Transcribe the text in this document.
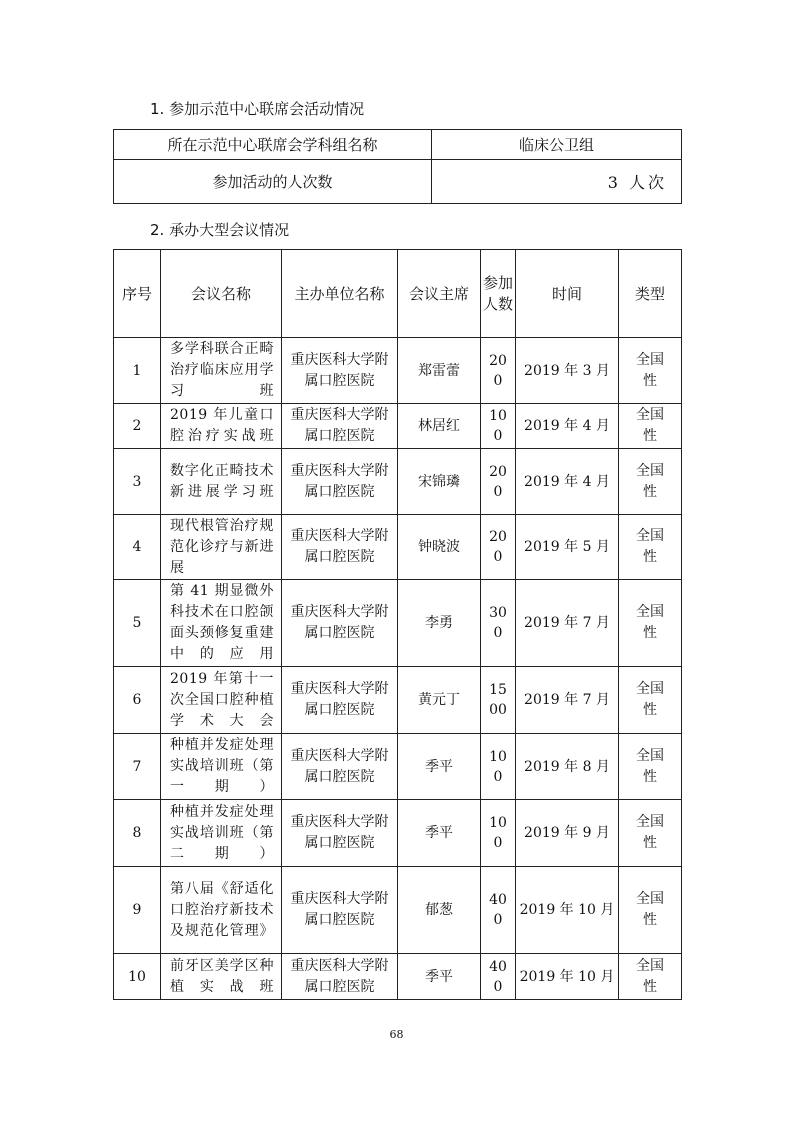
1. 参加示范中心联席会活动情况
所在示范中心联席会学科组名称	临床公卫组
参加活动的人次数	3 人次
2. 承办大型会议情况
序号	会议名称	主办单位名称	会议主席	参加人数	时间	类型
1	多学科联合正畸治疗临床应用学习班	重庆医科大学附属口腔医院	郑雷蕾	200	2019 年 3 月	全国性
2	2019 年儿童口腔治疗实战班	重庆医科大学附属口腔医院	林居红	100	2019 年 4 月	全国性
3	数字化正畸技术新进展学习班	重庆医科大学附属口腔医院	宋锦璘	200	2019 年 4 月	全国性
4	现代根管治疗规范化诊疗与新进展	重庆医科大学附属口腔医院	钟晓波	200	2019 年 5 月	全国性
5	第 41 期显微外科技术在口腔颌面头颈修复重建中的应用	重庆医科大学附属口腔医院	李勇	300	2019 年 7 月	全国性
6	2019 年第十一次全国口腔种植学术大会	重庆医科大学附属口腔医院	黄元丁	1500	2019 年 7 月	全国性
7	种植并发症处理实战培训班（第一期）	重庆医科大学附属口腔医院	季平	100	2019 年 8 月	全国性
8	种植并发症处理实战培训班（第二期）	重庆医科大学附属口腔医院	季平	100	2019 年 9 月	全国性
9	第八届《舒适化口腔治疗新技术及规范化管理》	重庆医科大学附属口腔医院	郁葱	400	2019 年 10 月	全国性
10	前牙区美学区种植实战班	重庆医科大学附属口腔医院	季平	400	2019 年 10 月	全国性
68
